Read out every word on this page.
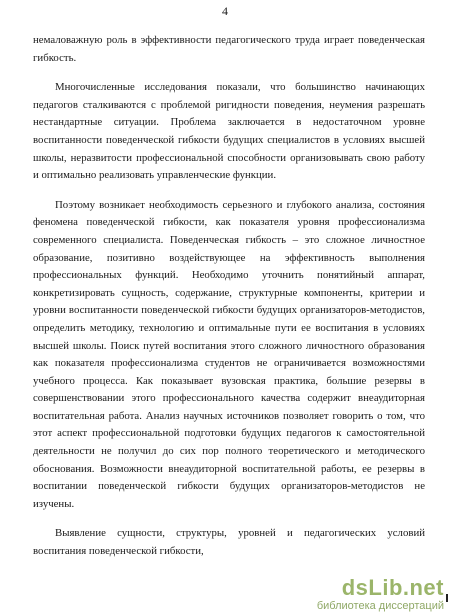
4

немаловажную роль в эффективности педагогического труда играет поведенческая гибкость.

Многочисленные исследования показали, что большинство начинающих педагогов сталкиваются с проблемой ригидности поведения, неумения разрешать нестандартные ситуации. Проблема заключается в недостаточном уровне воспитанности поведенческой гибкости будущих специалистов в условиях высшей школы, неразвитости профессиональной способности организовывать свою работу и оптимально реализовать управленческие функции.

Поэтому возникает необходимость серьезного и глубокого анализа, состояния феномена поведенческой гибкости, как показателя уровня профессионализма современного специалиста. Поведенческая гибкость – это сложное личностное образование, позитивно воздействующее на эффективность выполнения профессиональных функций. Необходимо уточнить понятийный аппарат, конкретизировать сущность, содержание, структурные компоненты, критерии и уровни воспитанности поведенческой гибкости будущих организаторов-методистов, определить методику, технологию и оптимальные пути ее воспитания в условиях высшей школы. Поиск путей воспитания этого сложного личностного образования как показателя профессионализма студентов не ограничивается возможностями учебного процесса. Как показывает вузовская практика, большие резервы в совершенствовании этого профессионального качества содержит внеаудиторная воспитательная работа. Анализ научных источников позволяет говорить о том, что этот аспект профессиональной подготовки будущих педагогов к самостоятельной деятельности не получил до сих пор полного теоретического и методического обоснования. Возможности внеаудиторной воспитательной работы, ее резервы в воспитании поведенческой гибкости будущих организаторов-методистов не изучены.

Выявление сущности, структуры, уровней и педагогических условий воспитания поведенческой гибкости,

dsLib.net
библиотека диссертаций
